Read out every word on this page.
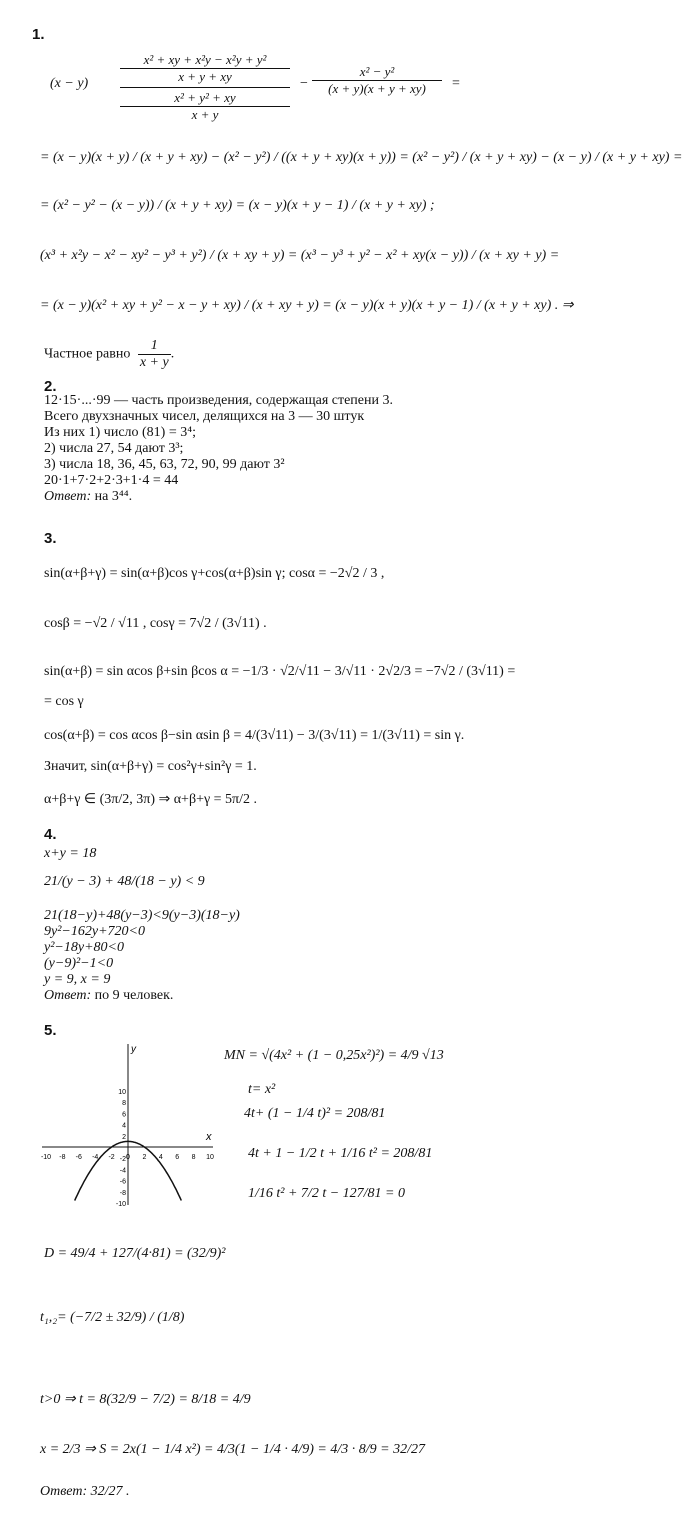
1.
(x − y)
x² + xy + x²y − x²y + y²
x + y + xy
x² + y² + xy
x + y
− $\frac{\text{x² − y²}}{(x + y)(x + y + xy)}$ =
= (x − y)(x + y) / (x + y + xy) − (x² − y²) / ((x + y + xy)(x + y)) = (x² − y²) / (x + y + xy) − (x − y) / (x + y + xy) =
= (x² − y² − (x − y)) / (x + y + xy) = (x − y)(x + y − 1) / (x + y + xy) ;
(x³ + x²y − x² − xy² − y³ + y²) / (x + xy + y) = (x³ − y³ + y² − x² + xy(x − y)) / (x + xy + y) =
= (x − y)(x² + xy + y² − x − y + xy) / (x + xy + y) = (x − y)(x + y)(x + y − 1) / (x + y + xy) . ⇒
Частное равно $\frac{1}{x + y}$ .
2.
12·15·...·99 — часть произведения, содержащая степени 3.
Всего двухзначных чисел, делящихся на 3 — 30 штук
Из них 1) число (81) = 3⁴;
2) числа 27, 54 дают 3³;
3) числа 18, 36, 45, 63, 72, 90, 99 дают 3²
20·1+7·2+2·3+1·4 = 44
Ответ: на 3⁴⁴.
3.
sin(α+β+γ) = sin(α+β)cos γ+cos(α+β)sin γ; cosα = −2√2 / 3 ,
cosβ = −√2 / √11 , cosγ = 7√2 / (3√11) .
sin(α+β) = sin αcos β+sin βcos α = −1/3 · √2/√11 − 3/√11 · 2√2/3 = −7√2 / (3√11) =
= cos γ
cos(α+β) = cos αcos β−sin αsin β = 4/(3√11) − 3/(3√11) = 1/(3√11) = sin γ.
Значит, sin(α+β+γ) = cos²γ+sin²γ = 1.
α+β+γ ∈ (3π/2, 3π) ⇒ α+β+γ = 5π/2 .
4.
x+y = 18
21/(y − 3) + 48/(18 − y) < 9
21(18−y)+48(y−3)<9(y−3)(18−y)
9y²−162y+720<0
y²−18y+80<0
(y−9)²−1<0
y = 9, x = 9
Ответ: по 9 человек.
5.
x
y
-10 -8 -6 -4 -2 0 2 4 6 8 10
10
8
6
4
2
-2
-4
-6
-8
-10
MN = √(4x² + (1 − 0,25x²)²) = 4/9 √13
t= x²
4t+ (1 − 1/4 t)² = 208/81
4t + 1 − 1/2 t + 1/16 t² = 208/81
1/16 t² + 7/2 t − 127/81 = 0
D = 49/4 + 127/(4·81) = (32/9)²
t₁,₂= (−7/2 ± 32/9) / (1/8)
t>0 ⇒ t = 8(32/9 − 7/2) = 8/18 = 4/9
x = 2/3 ⇒ S = 2x(1 − 1/4 x²) = 4/3(1 − 1/4 · 4/9) = 4/3 · 8/9 = 32/27
Ответ: 32/27 .
